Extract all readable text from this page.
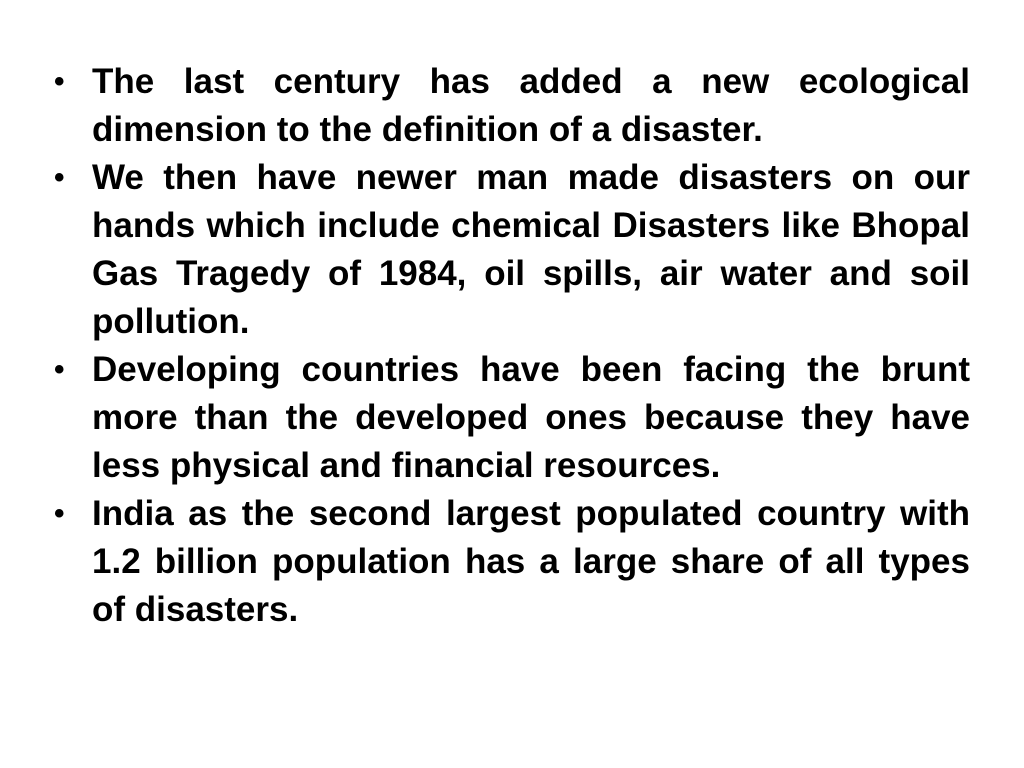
• The last century has added a new ecological dimension to the definition of a disaster.
• We then have newer man made disasters on our hands which include chemical Disasters like Bhopal Gas Tragedy of 1984, oil spills, air water and soil pollution.
• Developing countries have been facing the brunt more than the developed ones because they have less physical and financial resources.
• India as the second largest populated country with 1.2 billion population has a large share of all types of disasters.
